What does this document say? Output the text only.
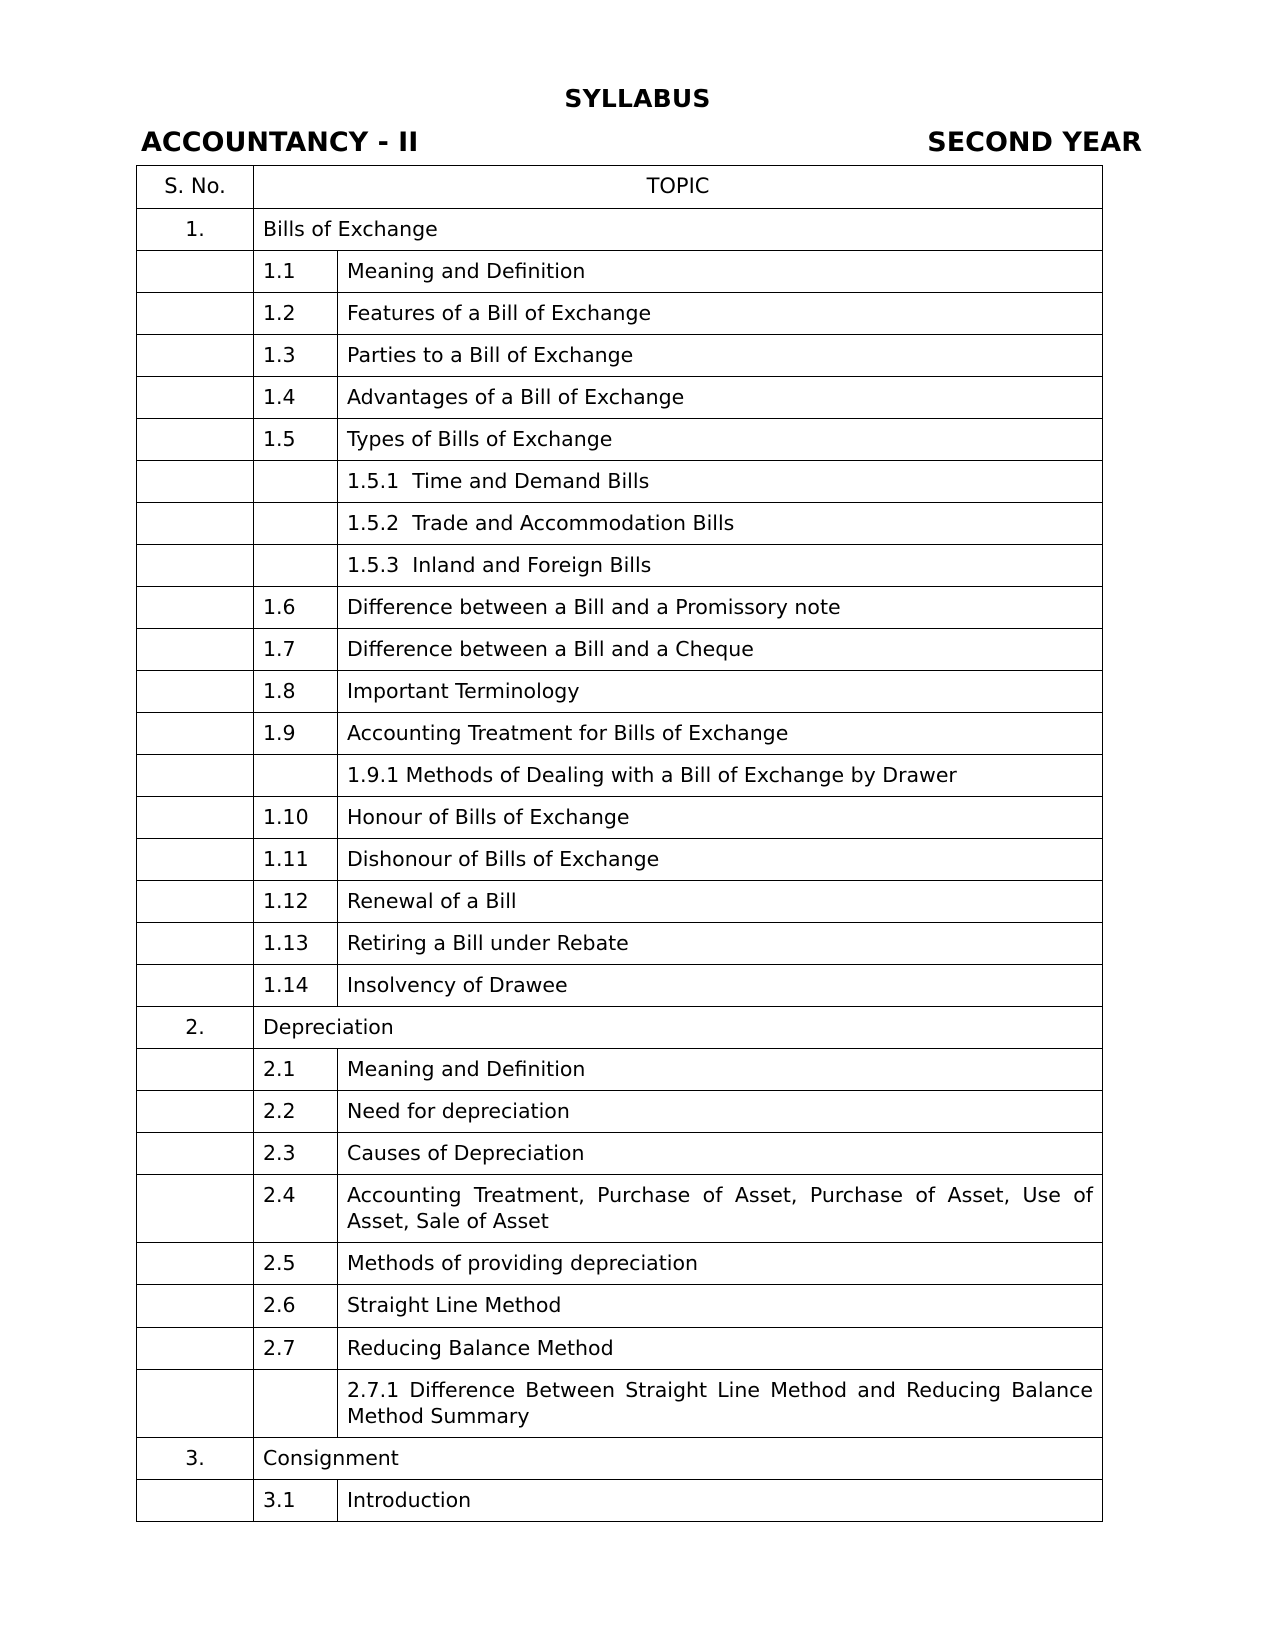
SYLLABUS
ACCOUNTANCY - II	SECOND YEAR
S. No.	TOPIC	
1.	Bills of Exchange	
	1.1	Meaning and Definition
	1.2	Features of a Bill of Exchange
	1.3	Parties to a Bill of Exchange
	1.4	Advantages of a Bill of Exchange
	1.5	Types of Bills of Exchange
		1.5.1  Time and Demand Bills
		1.5.2  Trade and Accommodation Bills
		1.5.3  Inland and Foreign Bills
	1.6	Difference between a Bill and a Promissory note
	1.7	Difference between a Bill and a Cheque
	1.8	Important Terminology
	1.9	Accounting Treatment for Bills of Exchange
		1.9.1 Methods of Dealing with a Bill of Exchange by Drawer
	1.10	Honour of Bills of Exchange
	1.11	Dishonour of Bills of Exchange
	1.12	Renewal of a Bill
	1.13	Retiring a Bill under Rebate
	1.14	Insolvency of Drawee
2.	Depreciation	
	2.1	Meaning and Definition
	2.2	Need for depreciation
	2.3	Causes of Depreciation
	2.4	Accounting Treatment, Purchase of Asset, Purchase of Asset, Use of Asset, Sale of Asset
	2.5	Methods of providing depreciation
	2.6	Straight Line Method
	2.7	Reducing Balance Method
		2.7.1 Difference Between Straight Line Method and Reducing Balance Method Summary
3.	Consignment	
	3.1	Introduction
